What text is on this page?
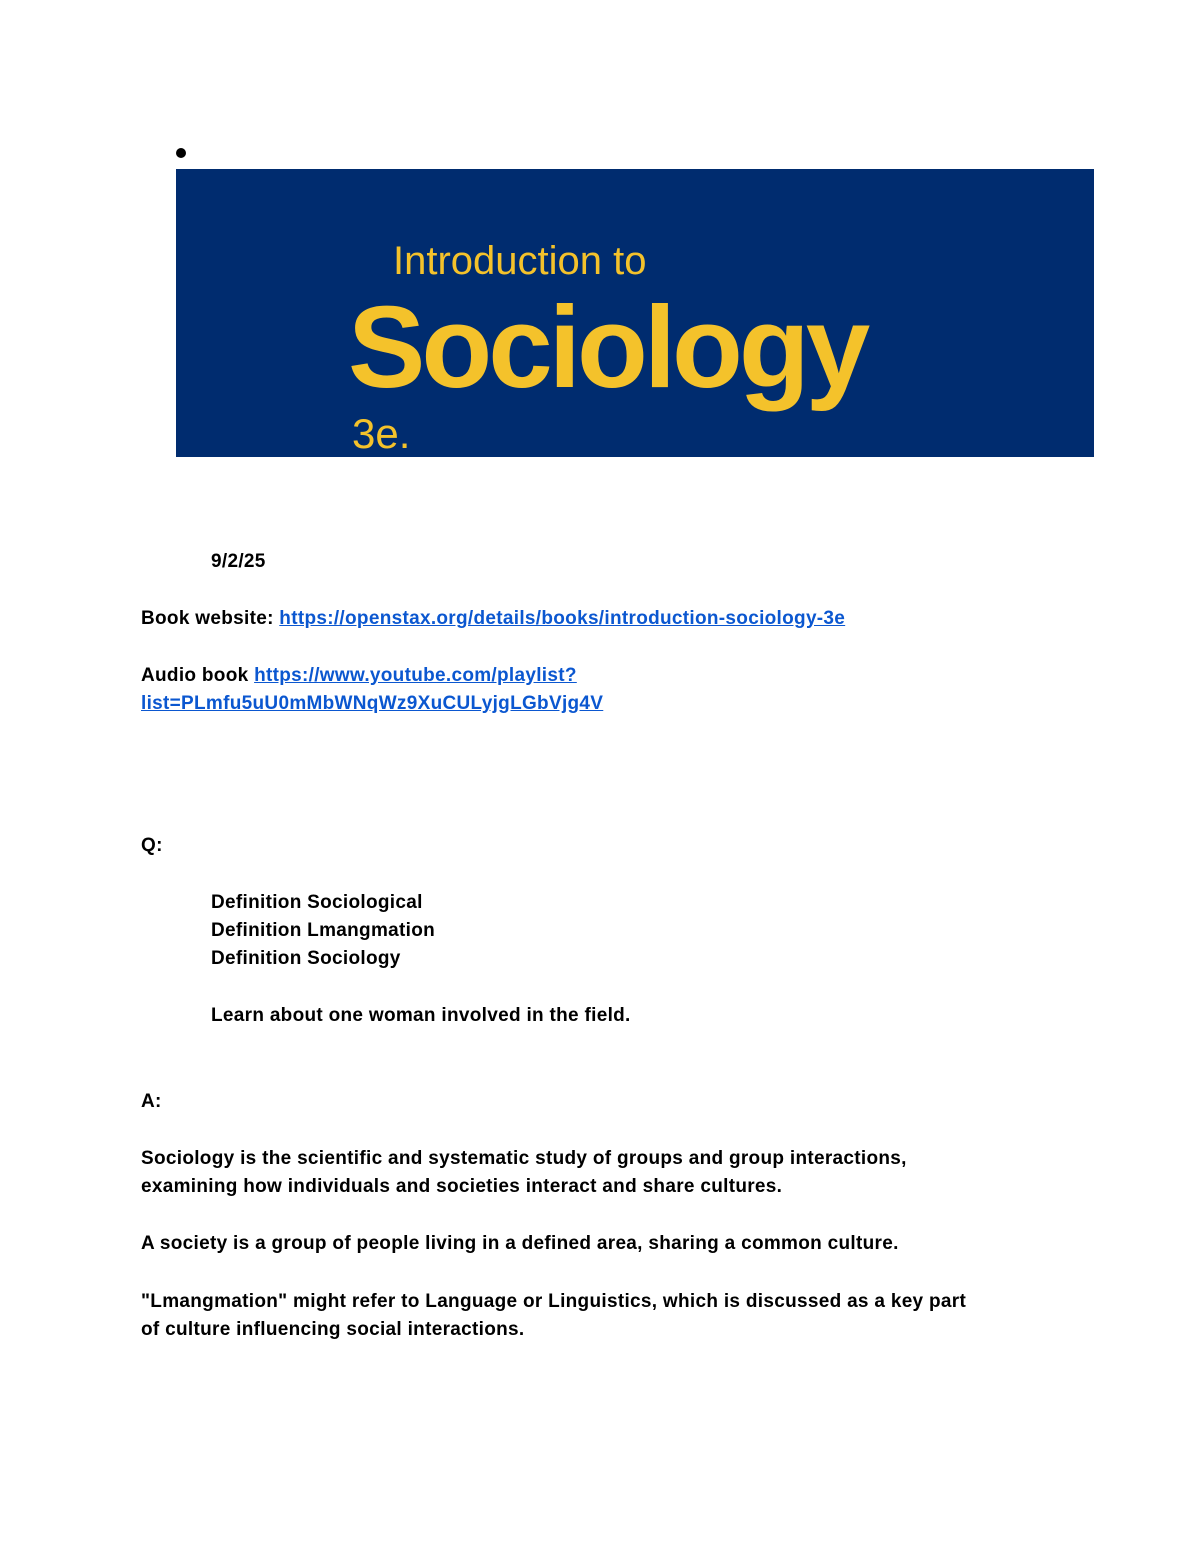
Introduction to
Sociology
3e.
9/2/25
Book website: https://openstax.org/details/books/introduction-sociology-3e
Audio book https://www.youtube.com/playlist?
list=PLmfu5uU0mMbWNqWz9XuCULyjgLGbVjg4V
Q:
Definition Sociological
Definition Lmangmation
Definition Sociology
Learn about one woman involved in the field.
A:
Sociology is the scientific and systematic study of groups and group interactions,
examining how individuals and societies interact and share cultures.
A society is a group of people living in a defined area, sharing a common culture.
"Lmangmation" might refer to Language or Linguistics, which is discussed as a key part
of culture influencing social interactions.
